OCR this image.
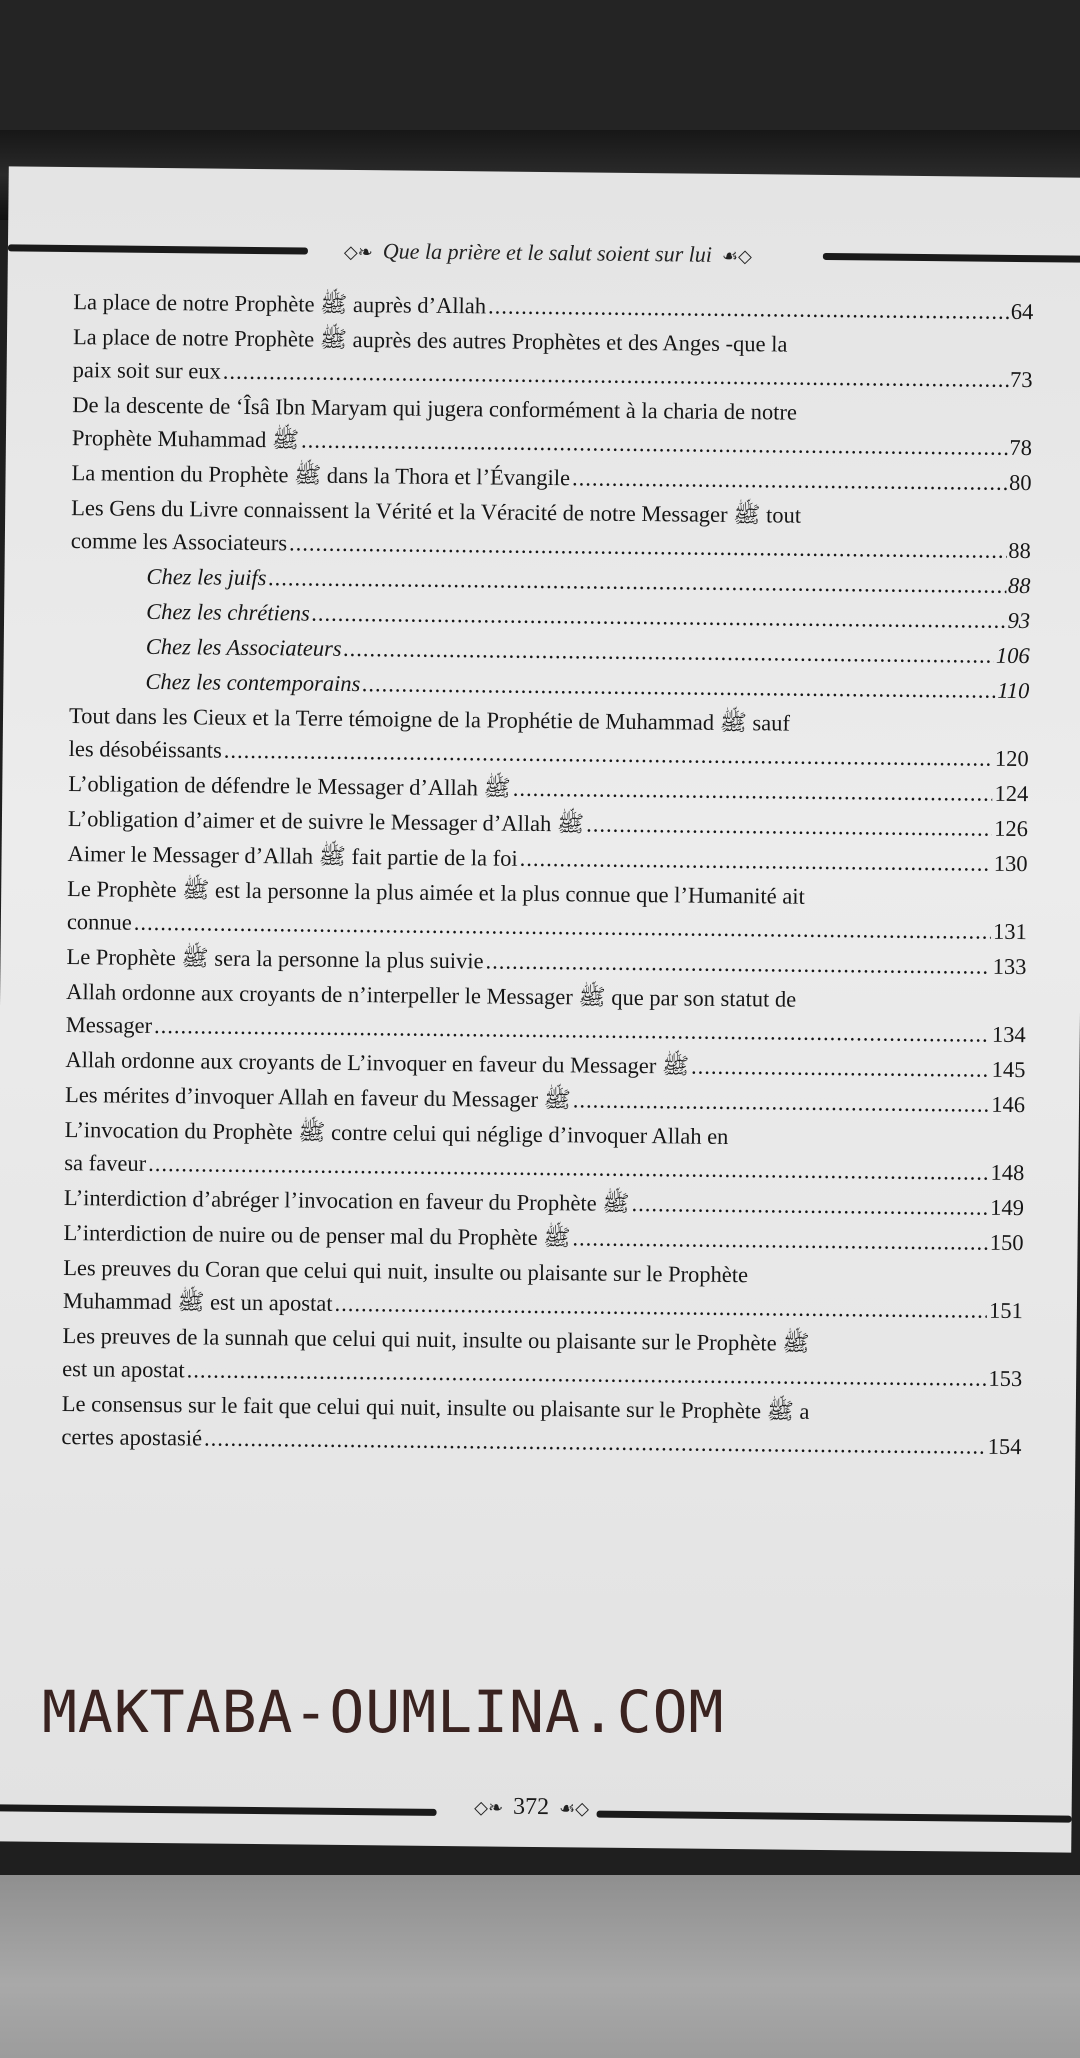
◇❧ Que la prière et le salut soient sur lui ☙◇
La place de notre Prophète ﷺ auprès d’Allah .....	64
La place de notre Prophète ﷺ auprès des autres Prophètes et des Anges -que la
paix soit sur eux .....	73
De la descente de ‘Îsâ Ibn Maryam qui jugera conformément à la charia de notre
Prophète Muhammad ﷺ .....	78
La mention du Prophète ﷺ dans la Thora et l’Évangile .....	80
Les Gens du Livre connaissent la Vérité et la Véracité de notre Messager ﷺ tout
comme les Associateurs .....	88
Chez les juifs .....	88
Chez les chrétiens .....	93
Chez les Associateurs .....	106
Chez les contemporains .....	110
Tout dans les Cieux et la Terre témoigne de la Prophétie de Muhammad ﷺ sauf
les désobéissants .....	120
L’obligation de défendre le Messager d’Allah ﷺ .....	124
L’obligation d’aimer et de suivre le Messager d’Allah ﷺ .....	126
Aimer le Messager d’Allah ﷺ fait partie de la foi .....	130
Le Prophète ﷺ est la personne la plus aimée et la plus connue que l’Humanité ait
connue .....	131
Le Prophète ﷺ sera la personne la plus suivie .....	133
Allah ordonne aux croyants de n’interpeller le Messager ﷺ que par son statut de
Messager .....	134
Allah ordonne aux croyants de L’invoquer en faveur du Messager ﷺ .....	145
Les mérites d’invoquer Allah en faveur du Messager ﷺ .....	146
L’invocation du Prophète ﷺ contre celui qui néglige d’invoquer Allah en
sa faveur .....	148
L’interdiction d’abréger l’invocation en faveur du Prophète ﷺ .....	149
L’interdiction de nuire ou de penser mal du Prophète ﷺ .....	150
Les preuves du Coran que celui qui nuit, insulte ou plaisante sur le Prophète
Muhammad ﷺ est un apostat .....	151
Les preuves de la sunnah que celui qui nuit, insulte ou plaisante sur le Prophète ﷺ
est un apostat .....	153
Le consensus sur le fait que celui qui nuit, insulte ou plaisante sur le Prophète ﷺ a
certes apostasié .....	154
◇❧ 372 ☙◇
MAKTABA-OUMLINA.COM
